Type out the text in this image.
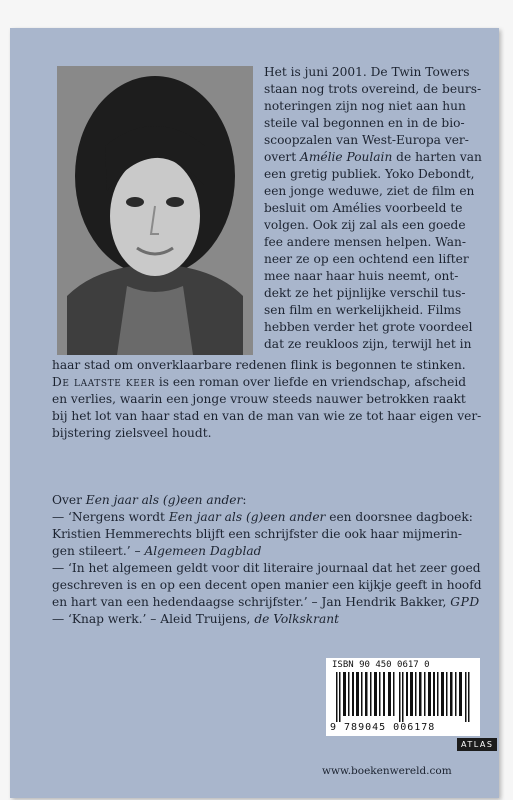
Het is juni 2001. De Twin Towers

staan nog trots overeind, de beurs-

noteringen zijn nog niet aan hun

steile val begonnen en in de bio-

scoopzalen van West-Europa ver-

overt Amélie Poulain de harten van

een gretig publiek. Yoko Debondt,

een jonge weduwe, ziet de film en

besluit om Amélies voorbeeld te

volgen. Ook zij zal als een goede

fee andere mensen helpen. Wan-

neer ze op een ochtend een lifter

mee naar haar huis neemt, ont-

dekt ze het pijnlijke verschil tus-

sen film en werkelijkheid. Films

hebben verder het grote voordeel

dat ze reukloos zijn, terwijl het in

haar stad om onverklaarbare redenen flink is begonnen te stinken.

De laatste keer is een roman over liefde en vriendschap, afscheid

en verlies, waarin een jonge vrouw steeds nauwer betrokken raakt

bij het lot van haar stad en van de man van wie ze tot haar eigen ver-

bijstering zielsveel houdt.

Over Een jaar als (g)een ander:

— ‘Nergens wordt Een jaar als (g)een ander een doorsnee dagboek:

Kristien Hemmerechts blijft een schrijfster die ook haar mijmerin-

gen stileert.’ – Algemeen Dagblad

— ‘In het algemeen geldt voor dit literaire journaal dat het zeer goed

geschreven is en op een decent open manier een kijkje geeft in hoofd

en hart van een hedendaagse schrijfster.’ – Jan Hendrik Bakker, GPD

— ‘Knap werk.’ – Aleid Truijens, de Volkskrant

ISBN 90 450 0617 0
9 789045 006178
ATLAS
www.boekenwereld.com
